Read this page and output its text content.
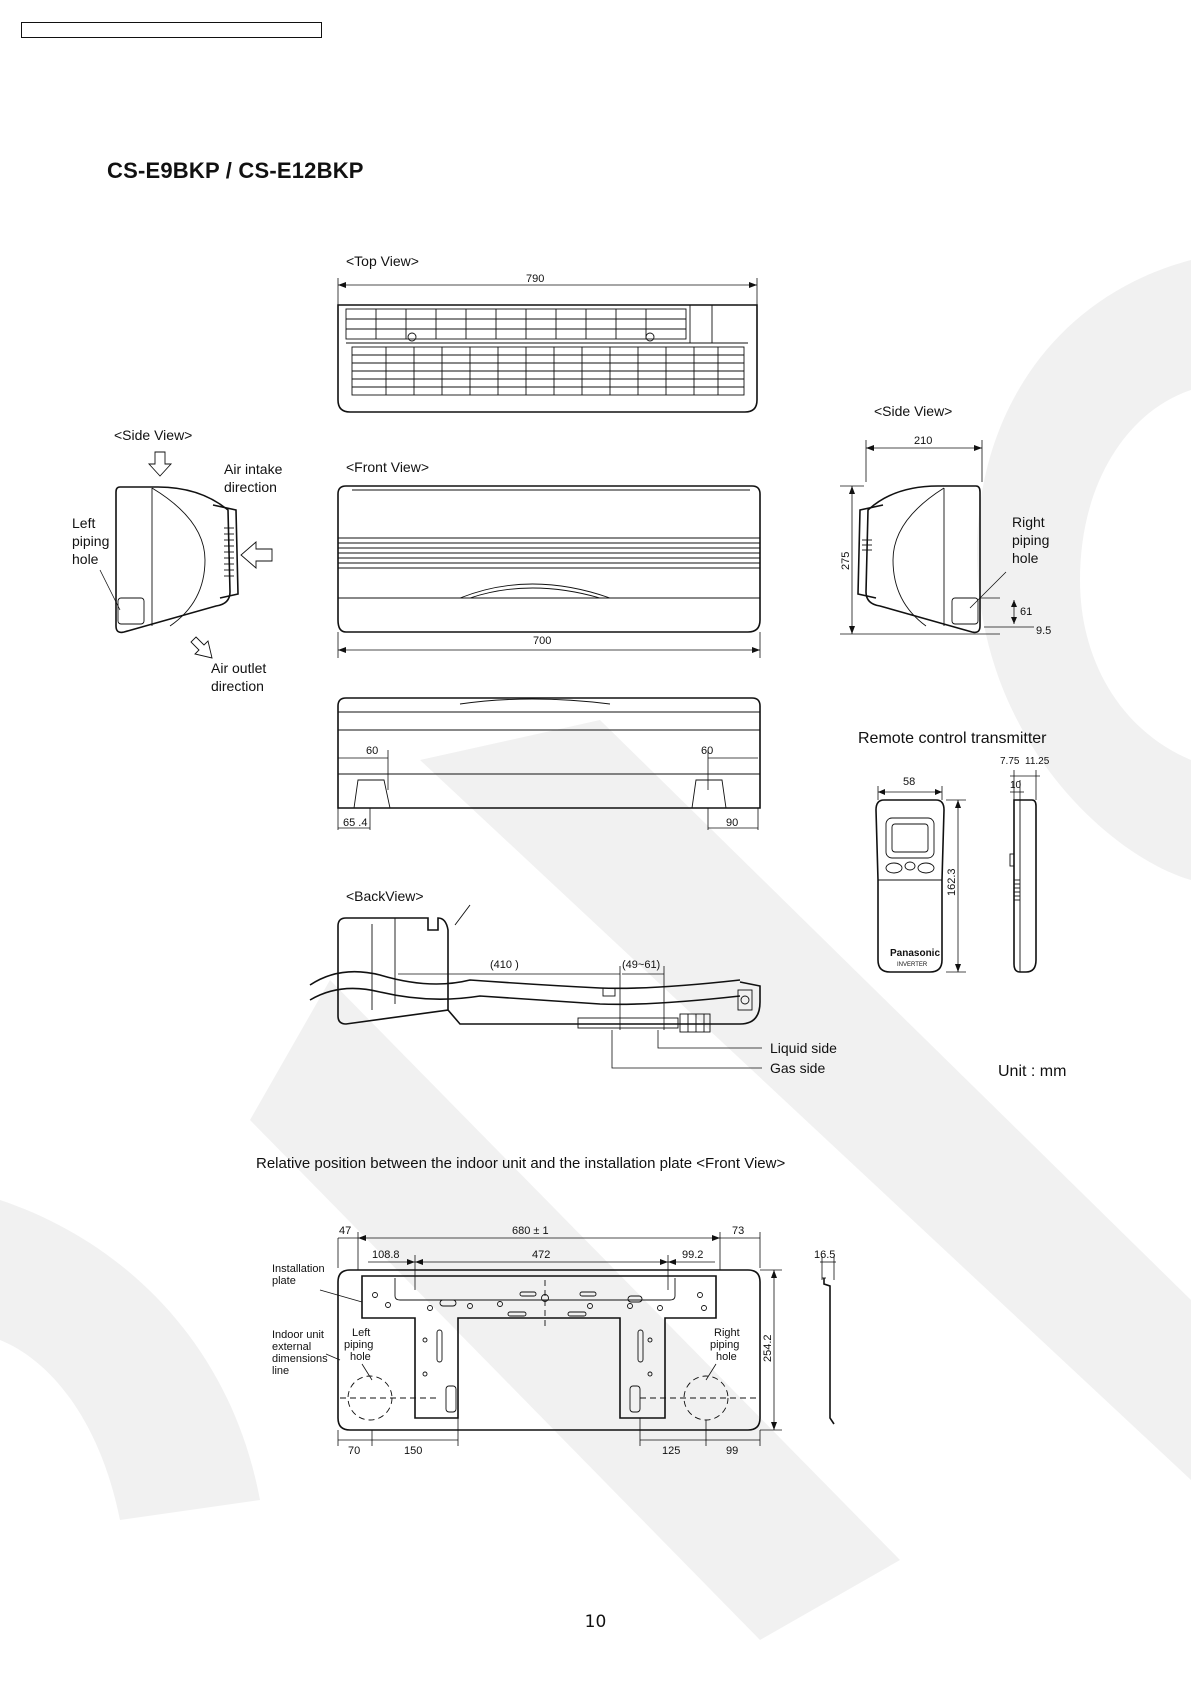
CS-E9BKP / CS-E12BKP
<Top View>
790
<Side View>
Left
piping
hole
Air intake
direction
Air outlet
direction
<Front View>
700
60	60
65 .4	90
<BackView>
(410 )	(49~61)
Liquid side
Gas side
<Side View>
210
275
61
9.5
Right
piping
hole
Remote control transmitter
58
Panasonic
INVERTER
162.3
7.75 11.25
10
Unit : mm
Relative position between the indoor unit and the installation plate <Front View>
47	680 ± 1	73
108.8	472	99.2
254.2
16.5
70	150	125	99
Installation
plate
Indoor unit
external
dimensions
line
Left
piping
hole
Right
piping
hole
10
